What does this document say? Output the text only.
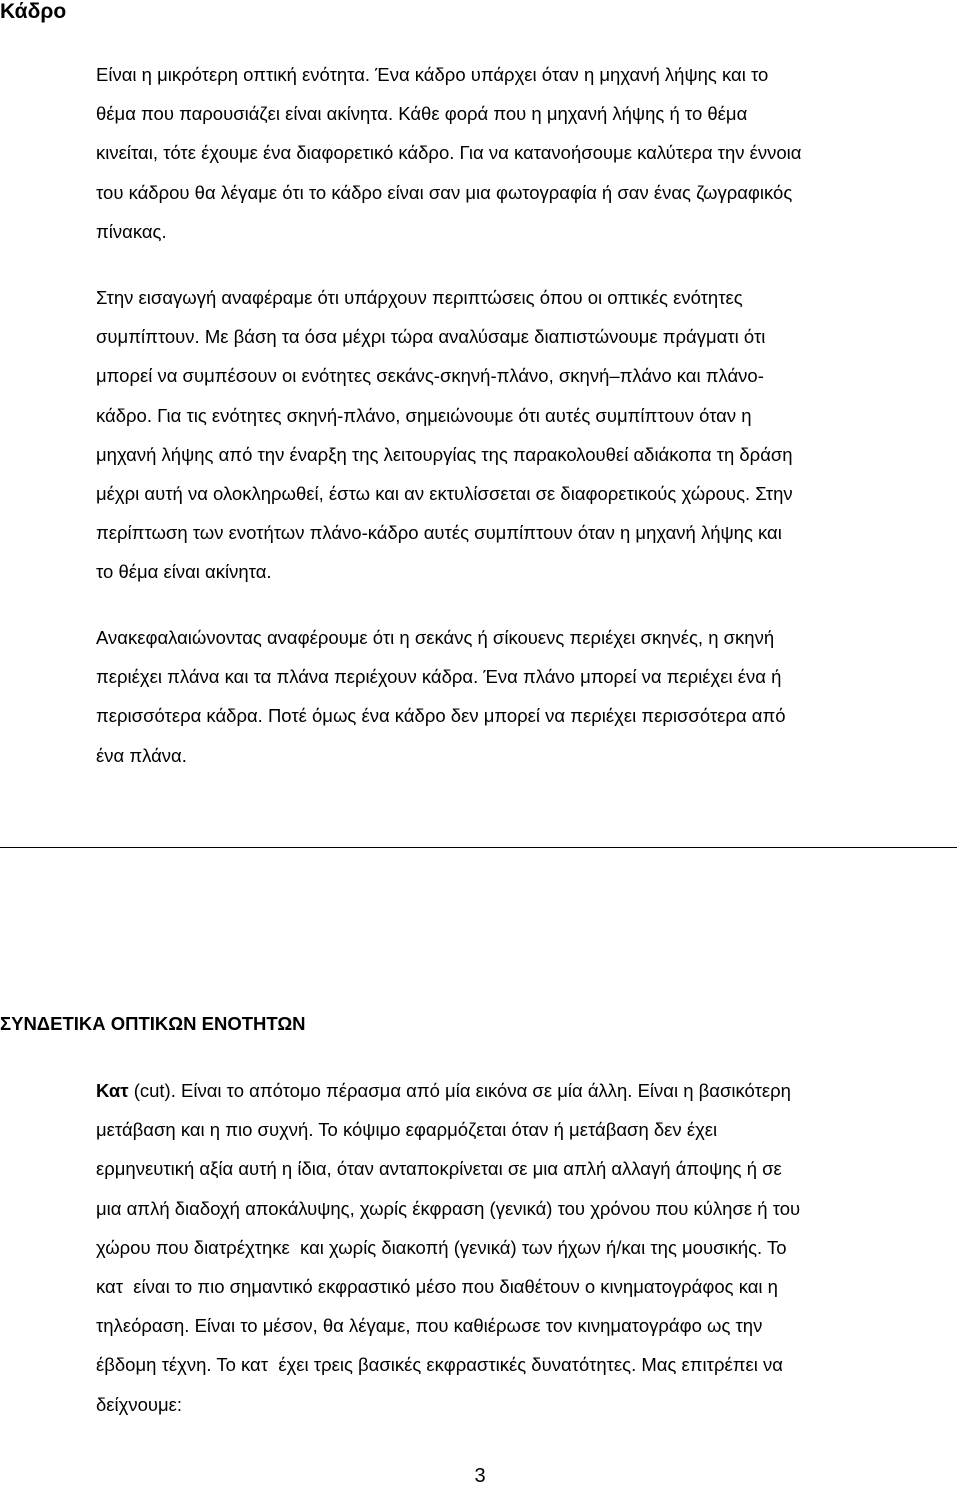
Κάδρο

Είναι η μικρότερη οπτική ενότητα. Ένα κάδρο υπάρχει όταν η μηχανή λήψης και το
θέμα που παρουσιάζει είναι ακίνητα. Κάθε φορά που η μηχανή λήψης ή το θέμα
κινείται, τότε έχουμε ένα διαφορετικό κάδρο. Για να κατανοήσουμε καλύτερα την έννοια
του κάδρου θα λέγαμε ότι το κάδρο είναι σαν μια φωτογραφία ή σαν ένας ζωγραφικός
πίνακας.

Στην εισαγωγή αναφέραμε ότι υπάρχουν περιπτώσεις όπου οι οπτικές ενότητες
συμπίπτουν. Με βάση τα όσα μέχρι τώρα αναλύσαμε διαπιστώνουμε πράγματι ότι
μπορεί να συμπέσουν οι ενότητες σεκάνς-σκηνή-πλάνο, σκηνή–πλάνο και πλάνο-
κάδρο. Για τις ενότητες σκηνή-πλάνο, σημειώνουμε ότι αυτές συμπίπτουν όταν η
μηχανή λήψης από την έναρξη της λειτουργίας της παρακολουθεί αδιάκοπα τη δράση
μέχρι αυτή να ολοκληρωθεί, έστω και αν εκτυλίσσεται σε διαφορετικούς χώρους. Στην
περίπτωση των ενοτήτων πλάνο-κάδρο αυτές συμπίπτουν όταν η μηχανή λήψης και
το θέμα είναι ακίνητα.

Ανακεφαλαιώνοντας αναφέρουμε ότι η σεκάνς ή σίκουενς περιέχει σκηνές, η σκηνή
περιέχει πλάνα και τα πλάνα περιέχουν κάδρα. Ένα πλάνο μπορεί να περιέχει ένα ή
περισσότερα κάδρα. Ποτέ όμως ένα κάδρο δεν μπορεί να περιέχει περισσότερα από
ένα πλάνα.

ΣΥΝΔΕΤΙΚΑ ΟΠΤΙΚΩΝ ΕΝΟΤΗΤΩΝ

Κατ (cut). Είναι το απότομο πέρασμα από μία εικόνα σε μία άλλη. Είναι η βασικότερη
μετάβαση και η πιο συχνή. Το κόψιμο εφαρμόζεται όταν ή μετάβαση δεν έχει
ερμηνευτική αξία αυτή η ίδια, όταν ανταποκρίνεται σε μια απλή αλλαγή άποψης ή σε
μια απλή διαδοχή αποκάλυψης, χωρίς έκφραση (γενικά) του χρόνου που κύλησε ή του
χώρου που διατρέχτηκε  και χωρίς διακοπή (γενικά) των ήχων ή/και της μουσικής. Το
κατ  είναι το πιο σημαντικό εκφραστικό μέσο που διαθέτουν ο κινηματογράφος και η
τηλεόραση. Είναι το μέσον, θα λέγαμε, που καθιέρωσε τον κινηματογράφο ως την
έβδομη τέχνη. Το κατ  έχει τρεις βασικές εκφραστικές δυνατότητες. Μας επιτρέπει να
δείχνουμε:

3
